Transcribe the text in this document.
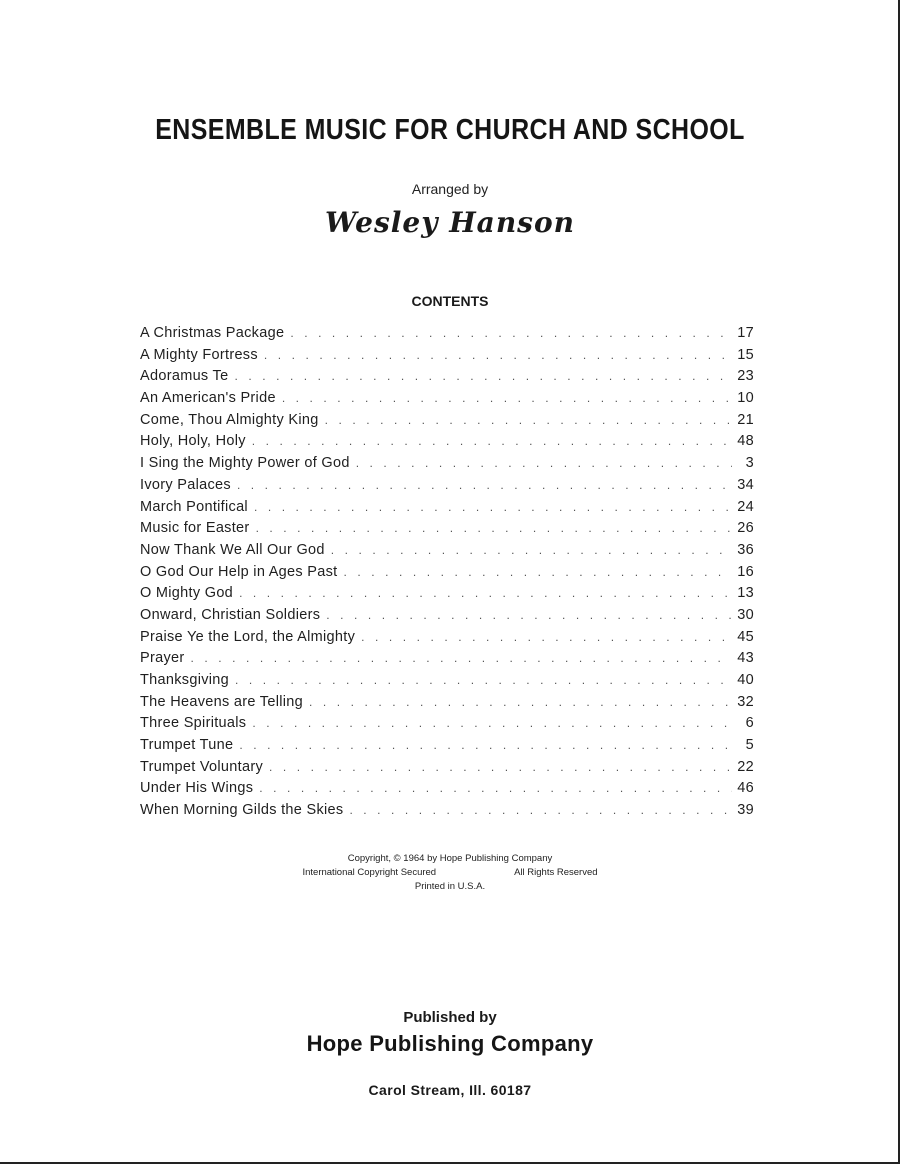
ENSEMBLE MUSIC FOR CHURCH AND SCHOOL
Arranged by
Wesley Hanson
CONTENTS
A Christmas Package . . .	17
A Mighty Fortress . . .	15
Adoramus Te . . .	23
An American's Pride . . .	10
Come, Thou Almighty King . . .	21
Holy, Holy, Holy . . .	48
I Sing the Mighty Power of God . . .	3
Ivory Palaces . . .	34
March Pontifical . . .	24
Music for Easter . . .	26
Now Thank We All Our God . . .	36
O God Our Help in Ages Past . . .	16
O Mighty God . . .	13
Onward, Christian Soldiers . . .	30
Praise Ye the Lord, the Almighty . . .	45
Prayer . . .	43
Thanksgiving . . .	40
The Heavens are Telling . . .	32
Three Spirituals . . .	6
Trumpet Tune . . .	5
Trumpet Voluntary . . .	22
Under His Wings . . .	46
When Morning Gilds the Skies . . .	39
Copyright, © 1964 by Hope Publishing Company
International Copyright Secured	All Rights Reserved
Printed in U.S.A.
Published by
Hope Publishing Company
Carol Stream, Ill. 60187
